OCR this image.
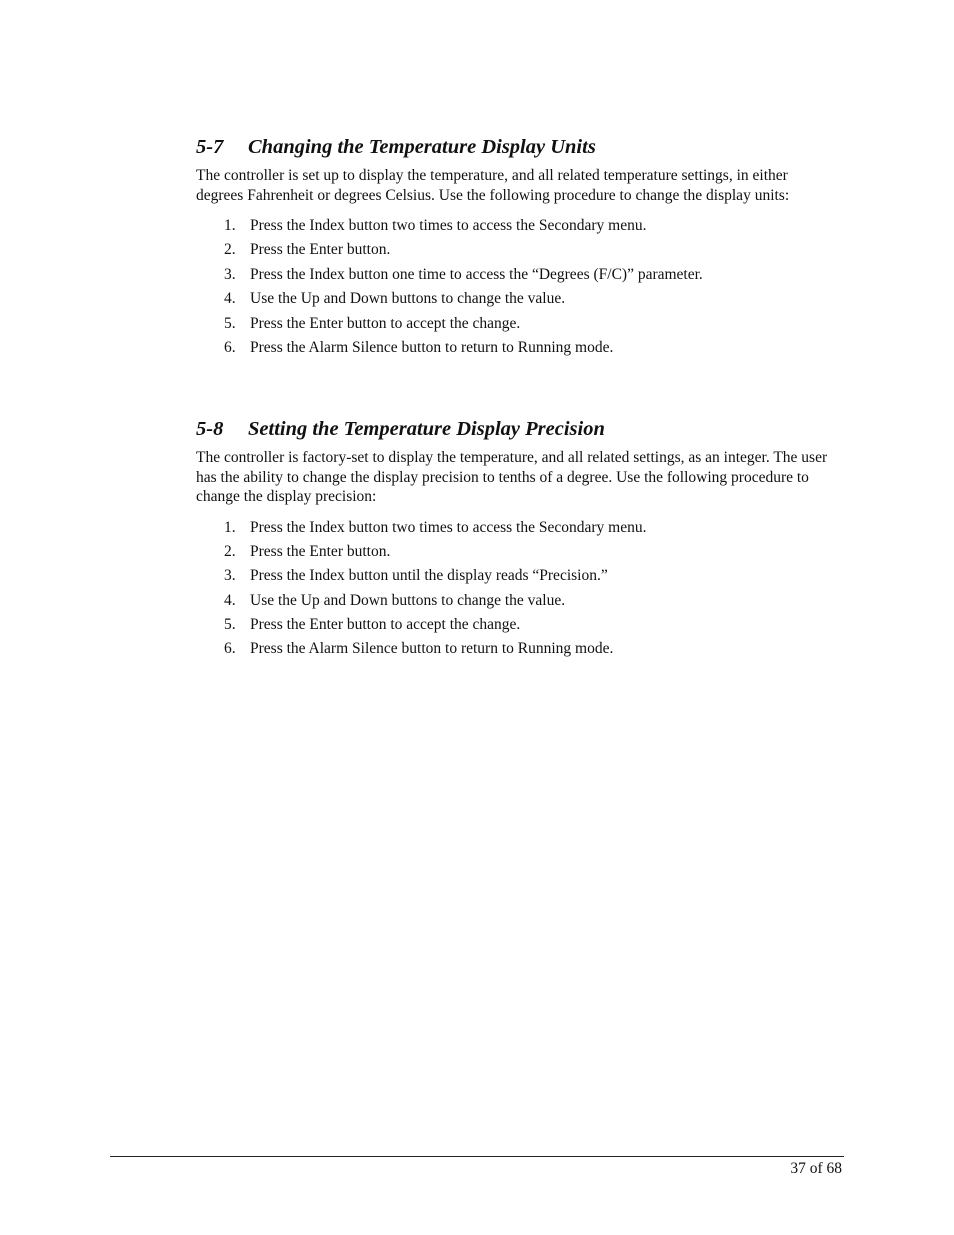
5-7 Changing the Temperature Display Units

The controller is set up to display the temperature, and all related temperature settings, in either degrees Fahrenheit or degrees Celsius. Use the following procedure to change the display units:

1. Press the Index button two times to access the Secondary menu.
2. Press the Enter button.
3. Press the Index button one time to access the “Degrees (F/C)” parameter.
4. Use the Up and Down buttons to change the value.
5. Press the Enter button to accept the change.
6. Press the Alarm Silence button to return to Running mode.
5-8 Setting the Temperature Display Precision

The controller is factory-set to display the temperature, and all related settings, as an integer. The user has the ability to change the display precision to tenths of a degree. Use the following procedure to change the display precision:

1. Press the Index button two times to access the Secondary menu.
2. Press the Enter button.
3. Press the Index button until the display reads “Precision.”
4. Use the Up and Down buttons to change the value.
5. Press the Enter button to accept the change.
6. Press the Alarm Silence button to return to Running mode.
37 of 68
